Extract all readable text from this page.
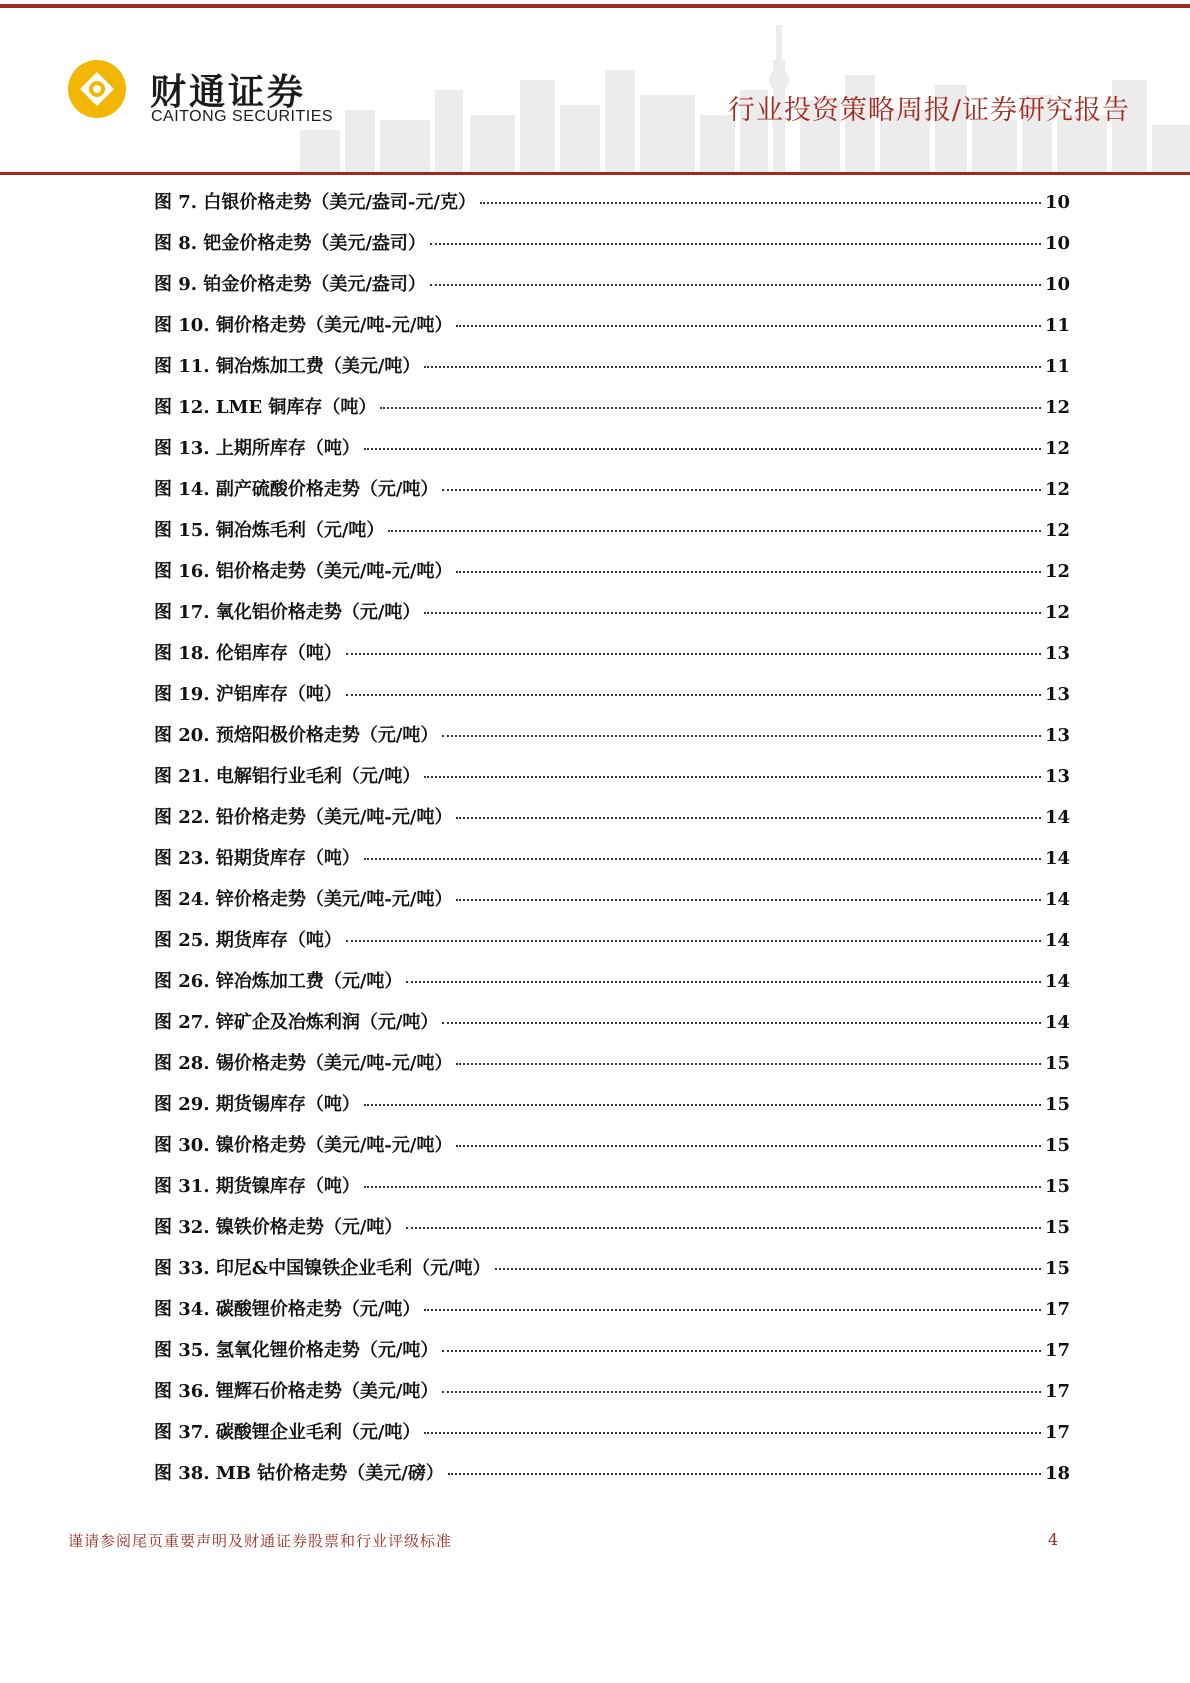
财通证券
CAITONG SECURITIES	行业投资策略周报/证券研究报告
图 7. 白银价格走势（美元/盎司-元/克）	10
图 8. 钯金价格走势（美元/盎司）	10
图 9. 铂金价格走势（美元/盎司）	10
图 10. 铜价格走势（美元/吨-元/吨）	11
图 11. 铜冶炼加工费（美元/吨）	11
图 12. LME 铜库存（吨）	12
图 13. 上期所库存（吨）	12
图 14. 副产硫酸价格走势（元/吨）	12
图 15. 铜冶炼毛利（元/吨）	12
图 16. 铝价格走势（美元/吨-元/吨）	12
图 17. 氧化铝价格走势（元/吨）	12
图 18. 伦铝库存（吨）	13
图 19. 沪铝库存（吨）	13
图 20. 预焙阳极价格走势（元/吨）	13
图 21. 电解铝行业毛利（元/吨）	13
图 22. 铅价格走势（美元/吨-元/吨）	14
图 23. 铅期货库存（吨）	14
图 24. 锌价格走势（美元/吨-元/吨）	14
图 25. 期货库存（吨）	14
图 26. 锌冶炼加工费（元/吨）	14
图 27. 锌矿企及冶炼利润（元/吨）	14
图 28. 锡价格走势（美元/吨-元/吨）	15
图 29. 期货锡库存（吨）	15
图 30. 镍价格走势（美元/吨-元/吨）	15
图 31. 期货镍库存（吨）	15
图 32. 镍铁价格走势（元/吨）	15
图 33. 印尼&中国镍铁企业毛利（元/吨）	15
图 34. 碳酸锂价格走势（元/吨）	17
图 35. 氢氧化锂价格走势（元/吨）	17
图 36. 锂辉石价格走势（美元/吨）	17
图 37. 碳酸锂企业毛利（元/吨）	17
图 38. MB 钴价格走势（美元/磅）	18
谨请参阅尾页重要声明及财通证券股票和行业评级标准	4
